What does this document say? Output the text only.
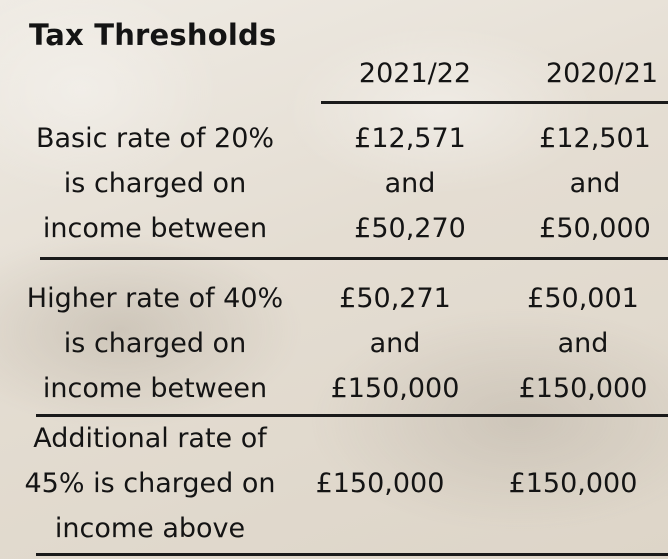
Tax Thresholds
2021/22	2020/21
Basic rate of 20%
is charged on
income between
£12,571
and
£50,270
£12,501
and
£50,000
Higher rate of 40%
is charged on
income between
£50,271
and
£150,000
£50,001
and
£150,000
Additional rate of
45% is charged on
income above
£150,000	£150,000
